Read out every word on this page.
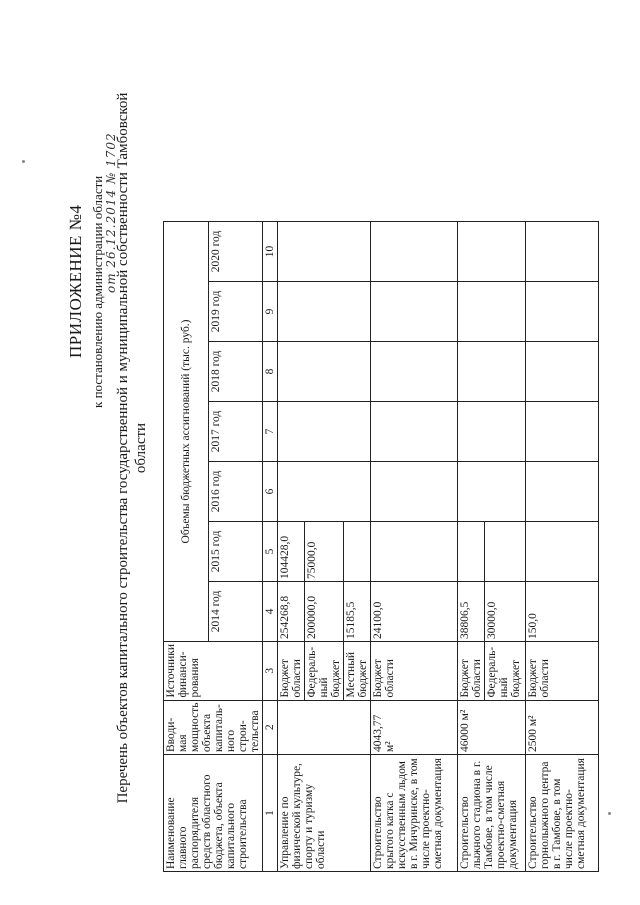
ПРИЛОЖЕНИЕ №4 к постановлению администрации области от 26.12.2014 № 1702
Перечень объектов капитального строительства государственной и муниципальной собственности Тамбовской области
Наименование главного распорядителя средств областного бюджета, объекта капитального строительства	Вводи-мая мощность объекта капиталь-ного строи-тельства	Источники финанси-рования	Объемы бюджетных ассигнований (тыс. руб.)						
			2014 год	2015 год	2016 год	2017 год	2018 год	2019 год	2020 год
1	2	3	4	5	6	7	8	9	10
Управление по физической культуре, спорту и туризму области		Бюджет области	254268,8	104428,0					
		Федераль-ный бюджет	200000,0	75000,0					
		Местный бюджет	15185,5						
Строительство крытого катка с искусственным льдом в г. Мичуринске, в том числе проектно-сметная документация	4043,77 м²	Бюджет области	24100,0						
Строительство лыжного стадиона в г. Тамбове, в том числе проектно-сметная документация	46000 м²	Бюджет области	38806,5						
		Федераль-ный бюджет	30000,0						
Строительство горнолыжного центра в г. Тамбове, в том числе проектно-сметная документация	2500 м²	Бюджет области	150,0						
